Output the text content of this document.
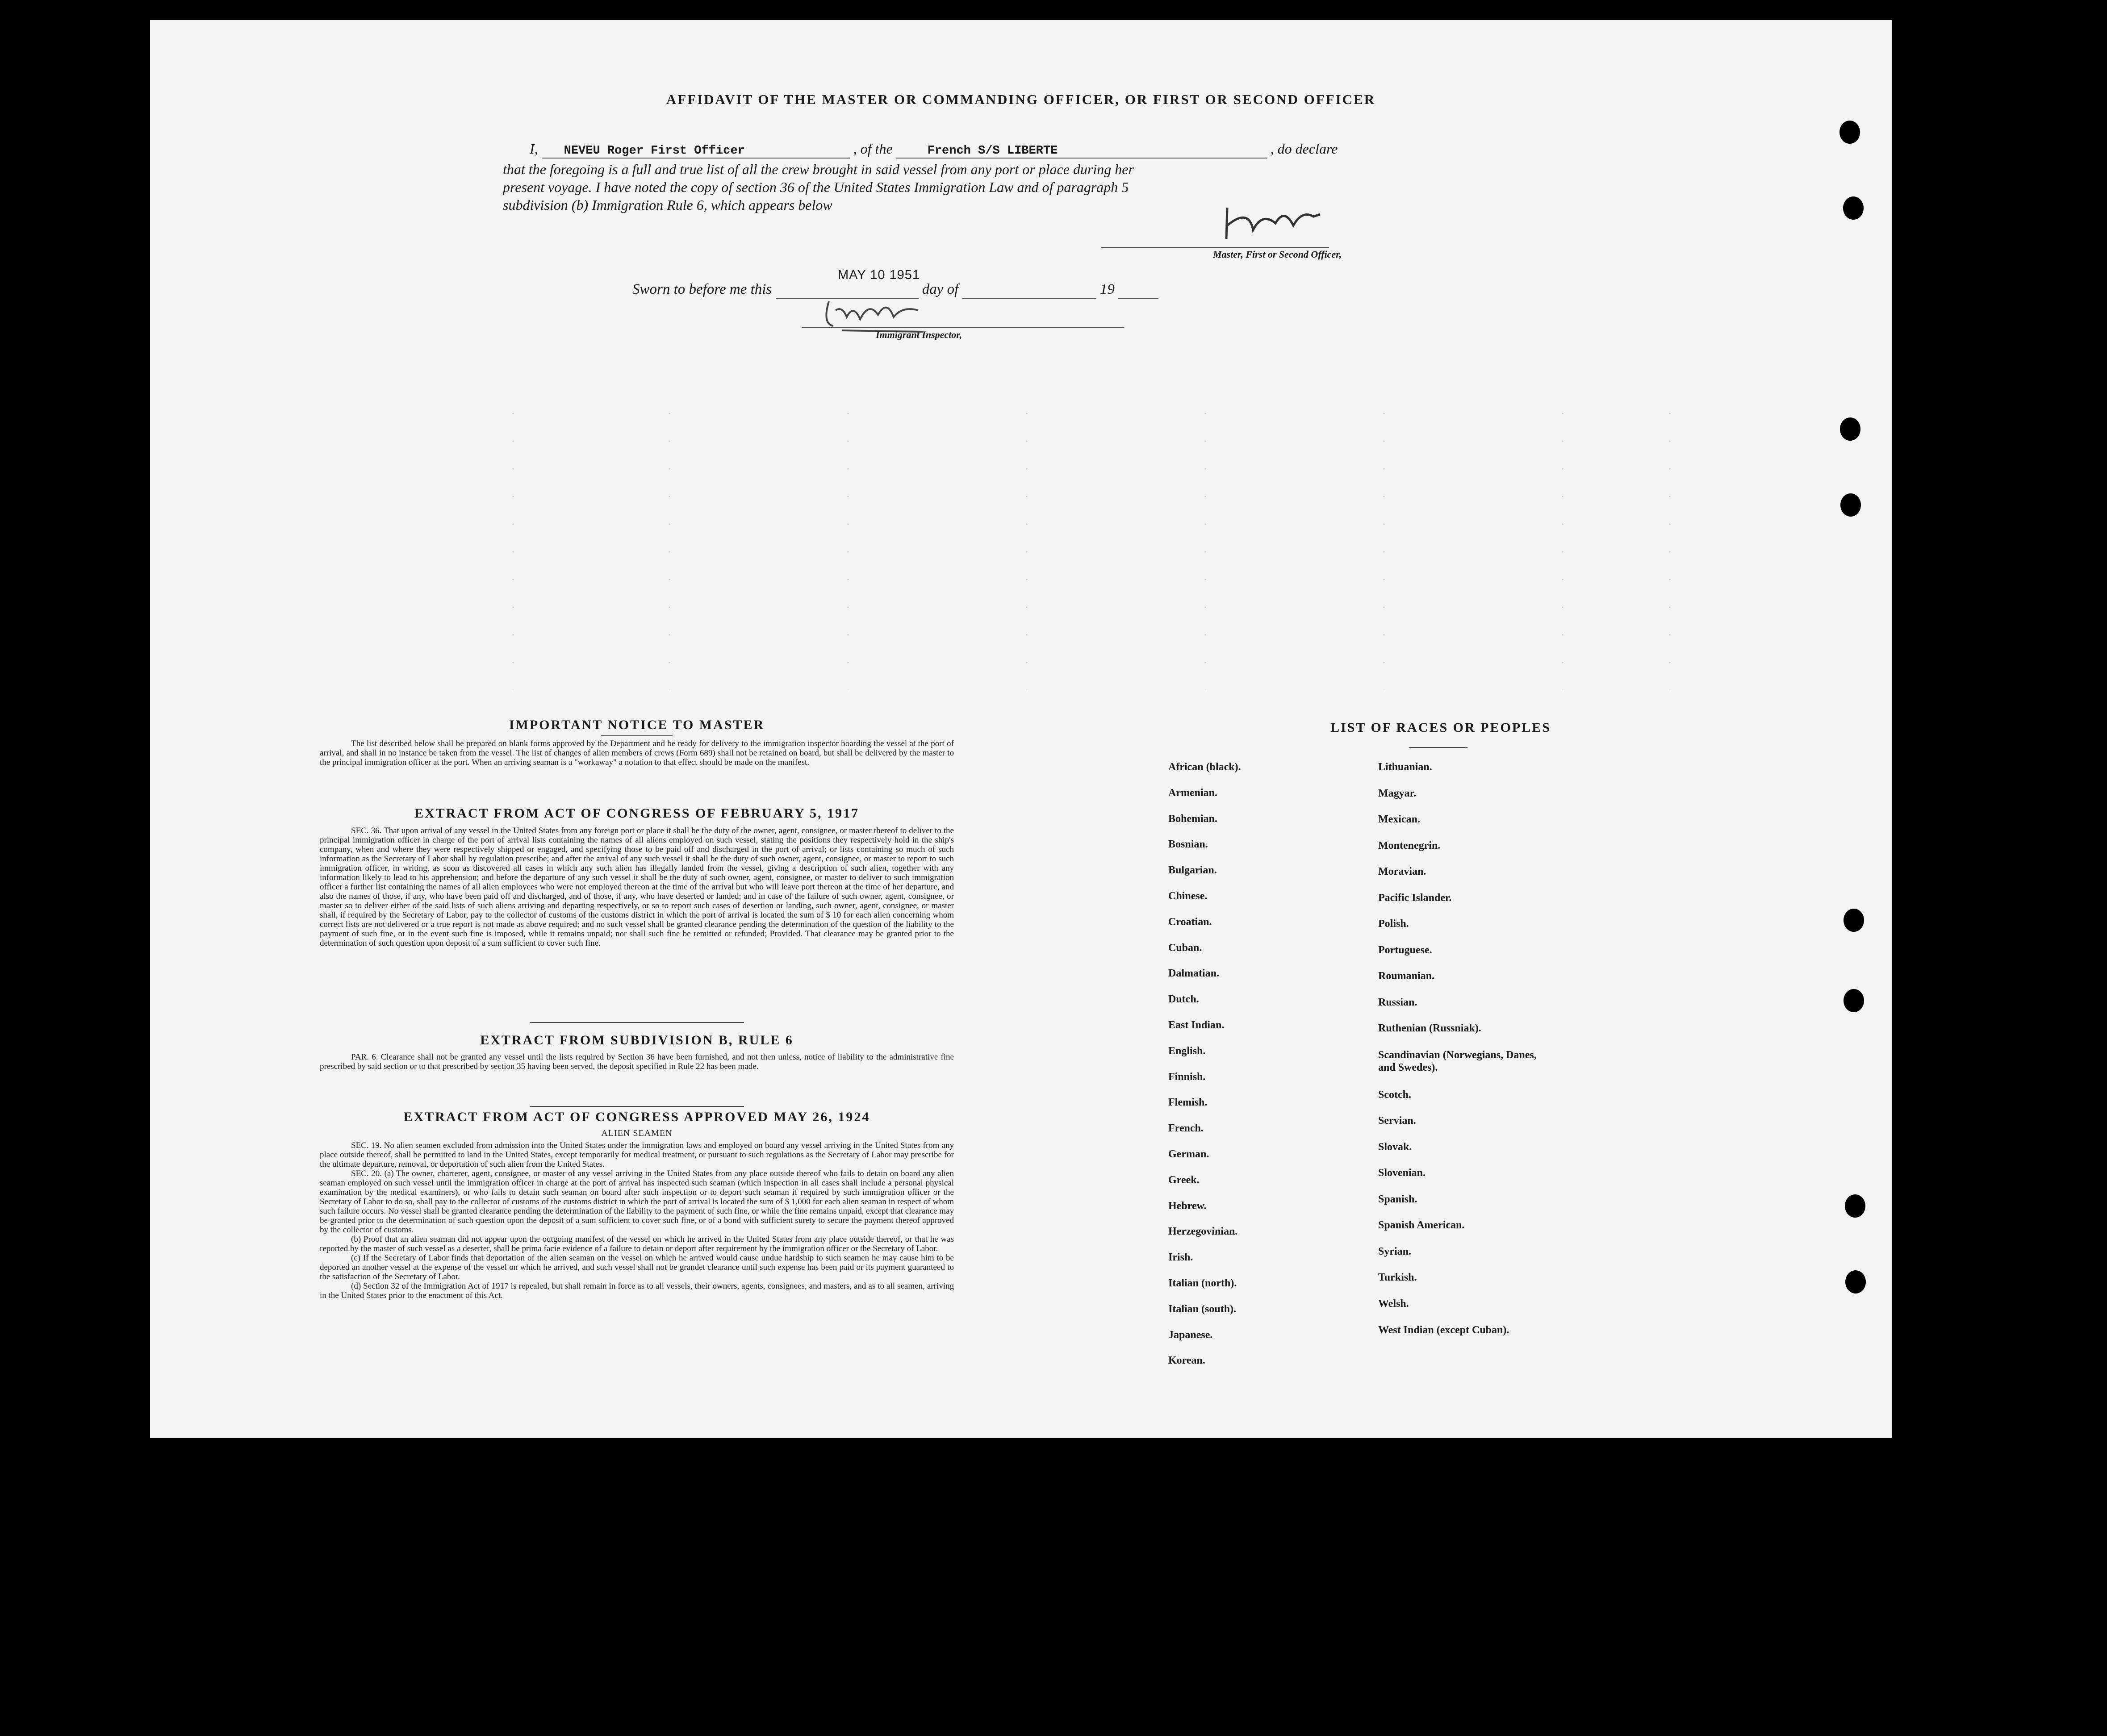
AFFIDAVIT OF THE MASTER OR COMMANDING OFFICER, OR FIRST OR SECOND OFFICER
I, NEVEU Roger First Officer	, of the	French S/S LIBERTE	, do declare
that the foregoing is a full and true list of all the crew brought in said vessel from any port or place during her
present voyage. I have noted the copy of section 36 of the United States Immigration Law and of paragraph 5
subdivision (b) Immigration Rule 6, which appears below
Master, First or Second Officer,
MAY 10 1951
Sworn to before me this	day of	19
Immigrant Inspector,
IMPORTANT NOTICE TO MASTER
The list described below shall be prepared on blank forms approved by the Department and be ready for delivery to the immigration inspector boarding the vessel at the port of arrival, and shall in no instance be taken from the vessel. The list of changes of alien members of crews (Form 689) shall not be retained on board, but shall be delivered by the master to the principal immigration officer at the port. When an arriving seaman is a "workaway" a notation to that effect should be made on the manifest.
EXTRACT FROM ACT OF CONGRESS OF FEBRUARY 5, 1917
SEC. 36. That upon arrival of any vessel in the United States from any foreign port or place it shall be the duty of the owner, agent, consignee, or master thereof to deliver to the principal immigration officer in charge of the port of arrival lists containing the names of all aliens employed on such vessel, stating the positions they respectively hold in the ship's company, when and where they were respectively shipped or engaged, and specifying those to be paid off and discharged in the port of arrival; or lists containing so much of such information as the Secretary of Labor shall by regulation prescribe; and after the arrival of any such vessel it shall be the duty of such owner, agent, consignee, or master to report to such immigration officer, in writing, as soon as discovered all cases in which any such alien has illegally landed from the vessel, giving a description of such alien, together with any information likely to lead to his apprehension; and before the departure of any such vessel it shall be the duty of such owner, agent, consignee, or master to deliver to such immigration officer a further list containing the names of all alien employees who were not employed thereon at the time of the arrival but who will leave port thereon at the time of her departure, and also the names of those, if any, who have been paid off and discharged, and of those, if any, who have deserted or landed; and in case of the failure of such owner, agent, consignee, or master so to deliver either of the said lists of such aliens arriving and departing respectively, or so to report such cases of desertion or landing, such owner, agent, consignee, or master shall, if required by the Secretary of Labor, pay to the collector of customs of the customs district in which the port of arrival is located the sum of $ 10 for each alien concerning whom correct lists are not delivered or a true report is not made as above required; and no such vessel shall be granted clearance pending the determination of the question of the liability to the payment of such fine, or in the event such fine is imposed, while it remains unpaid; nor shall such fine be remitted or refunded; Provided. That clearance may be granted prior to the determination of such question upon deposit of a sum sufficient to cover such fine.
EXTRACT FROM SUBDIVISION B, RULE 6
PAR. 6. Clearance shall not be granted any vessel until the lists required by Section 36 have been furnished, and not then unless, notice of liability to the administrative fine prescribed by said section or to that prescribed by section 35 having been served, the deposit specified in Rule 22 has been made.
EXTRACT FROM ACT OF CONGRESS APPROVED MAY 26, 1924
ALIEN SEAMEN

SEC. 19. No alien seamen excluded from admission into the United States under the immigration laws and employed on board any vessel arriving in the United States from any place outside thereof, shall be permitted to land in the United States, except temporarily for medical treatment, or pursuant to such regulations as the Secretary of Labor may prescribe for the ultimate departure, removal, or deportation of such alien from the United States.

SEC. 20. (a) The owner, charterer, agent, consignee, or master of any vessel arriving in the United States from any place outside thereof who fails to detain on board any alien seaman employed on such vessel until the immigration officer in charge at the port of arrival has inspected such seaman (which inspection in all cases shall include a personal physical examination by the medical examiners), or who fails to detain such seaman on board after such inspection or to deport such seaman if required by such immigration officer or the Secretary of Labor to do so, shall pay to the collector of customs of the customs district in which the port of arrival is located the sum of $ 1,000 for each alien seaman in respect of whom such failure occurs. No vessel shall be granted clearance pending the determination of the liability to the payment of such fine, or while the fine remains unpaid, except that clearance may be granted prior to the determination of such question upon the deposit of a sum sufficient to cover such fine, or of a bond with sufficient surety to secure the payment thereof approved by the collector of customs.

(b) Proof that an alien seaman did not appear upon the outgoing manifest of the vessel on which he arrived in the United States from any place outside thereof, or that he was reported by the master of such vessel as a deserter, shall be prima facie evidence of a failure to detain or deport after requirement by the immigration officer or the Secretary of Labor.

(c) If the Secretary of Labor finds that deportation of the alien seaman on the vessel on which he arrived would cause undue hardship to such seamen he may cause him to be deported an another vessel at the expense of the vessel on which he arrived, and such vessel shall not be grandet clearance until such expense has been paid or its payment guaranteed to the satisfaction of the Secretary of Labor.

(d) Section 32 of the Immigration Act of 1917 is repealed, but shall remain in force as to all vessels, their owners, agents, consignees, and masters, and as to all seamen, arriving in the United States prior to the enactment of this Act.

LIST OF RACES OR PEOPLES
African (black).
Armenian.
Bohemian.
Bosnian.
Bulgarian.
Chinese.
Croatian.
Cuban.
Dalmatian.
Dutch.
East Indian.
English.
Finnish.
Flemish.
French.
German.
Greek.
Hebrew.
Herzegovinian.
Irish.
Italian (north).
Italian (south).
Japanese.
Korean.
Lithuanian.
Magyar.
Mexican.
Montenegrin.
Moravian.
Pacific Islander.
Polish.
Portuguese.
Roumanian.
Russian.
Ruthenian (Russniak).
Scandinavian (Norwegians, Danes, and Swedes).
Scotch.
Servian.
Slovak.
Slovenian.
Spanish.
Spanish American.
Syrian.
Turkish.
Welsh.
West Indian (except Cuban).
